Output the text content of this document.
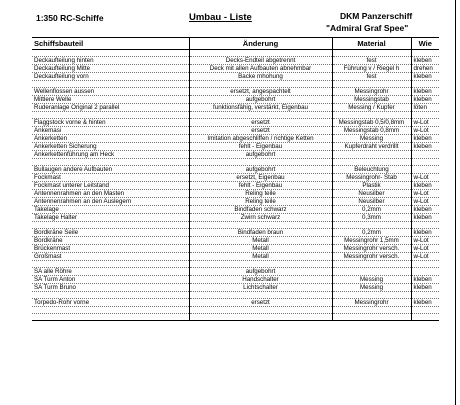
1:350 RC-Schiffe	Umbau - Liste	DKM Panzerschiff
"Admiral Graf Spee"
Schiffsbauteil	Änderung	Material	Wie

Deckaufteilung hinten	Decks-Endteil abgetrennt	fest	kleben
Deckaufteilung Mitte	Deck mit allen Aufbauten abnehmbar	Führung v / Riegel h	drehen
Deckaufteilung vorn	Backe mhohung	fest	kleben

Wellenflossen aussen	ersetzt, angespachtelt	Messingrohr	kleben
Mittlere Welle	aufgebohrt	Messingstab	kleben
Ruderanlage Original 2 parallel	funktionsfähig, verstärkt, Eigenbau	Messing / Kupfer	löten

Flaggstock vorne & hinten	ersetzt	Messingstab 0,5/0,8mm	w-Lot
Ankemasi	ersetzt	Messingstab 0,8mm	w-Lot
Ankerketten	Imitation abgeschliffen / richtige Ketten	Messing	kleben
Ankerketten Sicherung	fehlt - Eigenbau	Kupferdraht verdrillt	kleben
Ankerkettenführung am Heck	aufgebohrt		

Bullaugen andere Aufbauten	aufgebohrt	Beleuchtung	
Fockmast	ersetzt, Eigenbau	Messingrohr- Stab	w-Lot
Fockmast unterer Leitstand	fehlt - Eigenbau	Plastik	kleben
Antennenrahmen an den Masten	Reling teile	Neusilber	w-Lot
Antennenrahmen an den Auslegern	Reling teile	Neusilber	w-Lot
Takelage	Bindfaden schwarz	0,2mm	kleben
Takelage Halter	Zwirn schwarz	0,3mm	kleben

Bordkräne Seile	Bindfaden braun	0,2mm	kleben
Bordkräne	Metall	Messingrohr 1,5mm	w-Lot
Brückenmast	Metall	Messingrohr versch.	w-Lot
Großmast	Metall	Messingrohr versch.	w-Lot

SA alle Röhre	aufgebohrt		
SA Turm Anton	Handschalter	Messing	kleben
SA Turm Bruno	Lichtschalter	Messing	kleben

Torpedo-Rohr vorne	ersetzt	Messingrohr	kleben
